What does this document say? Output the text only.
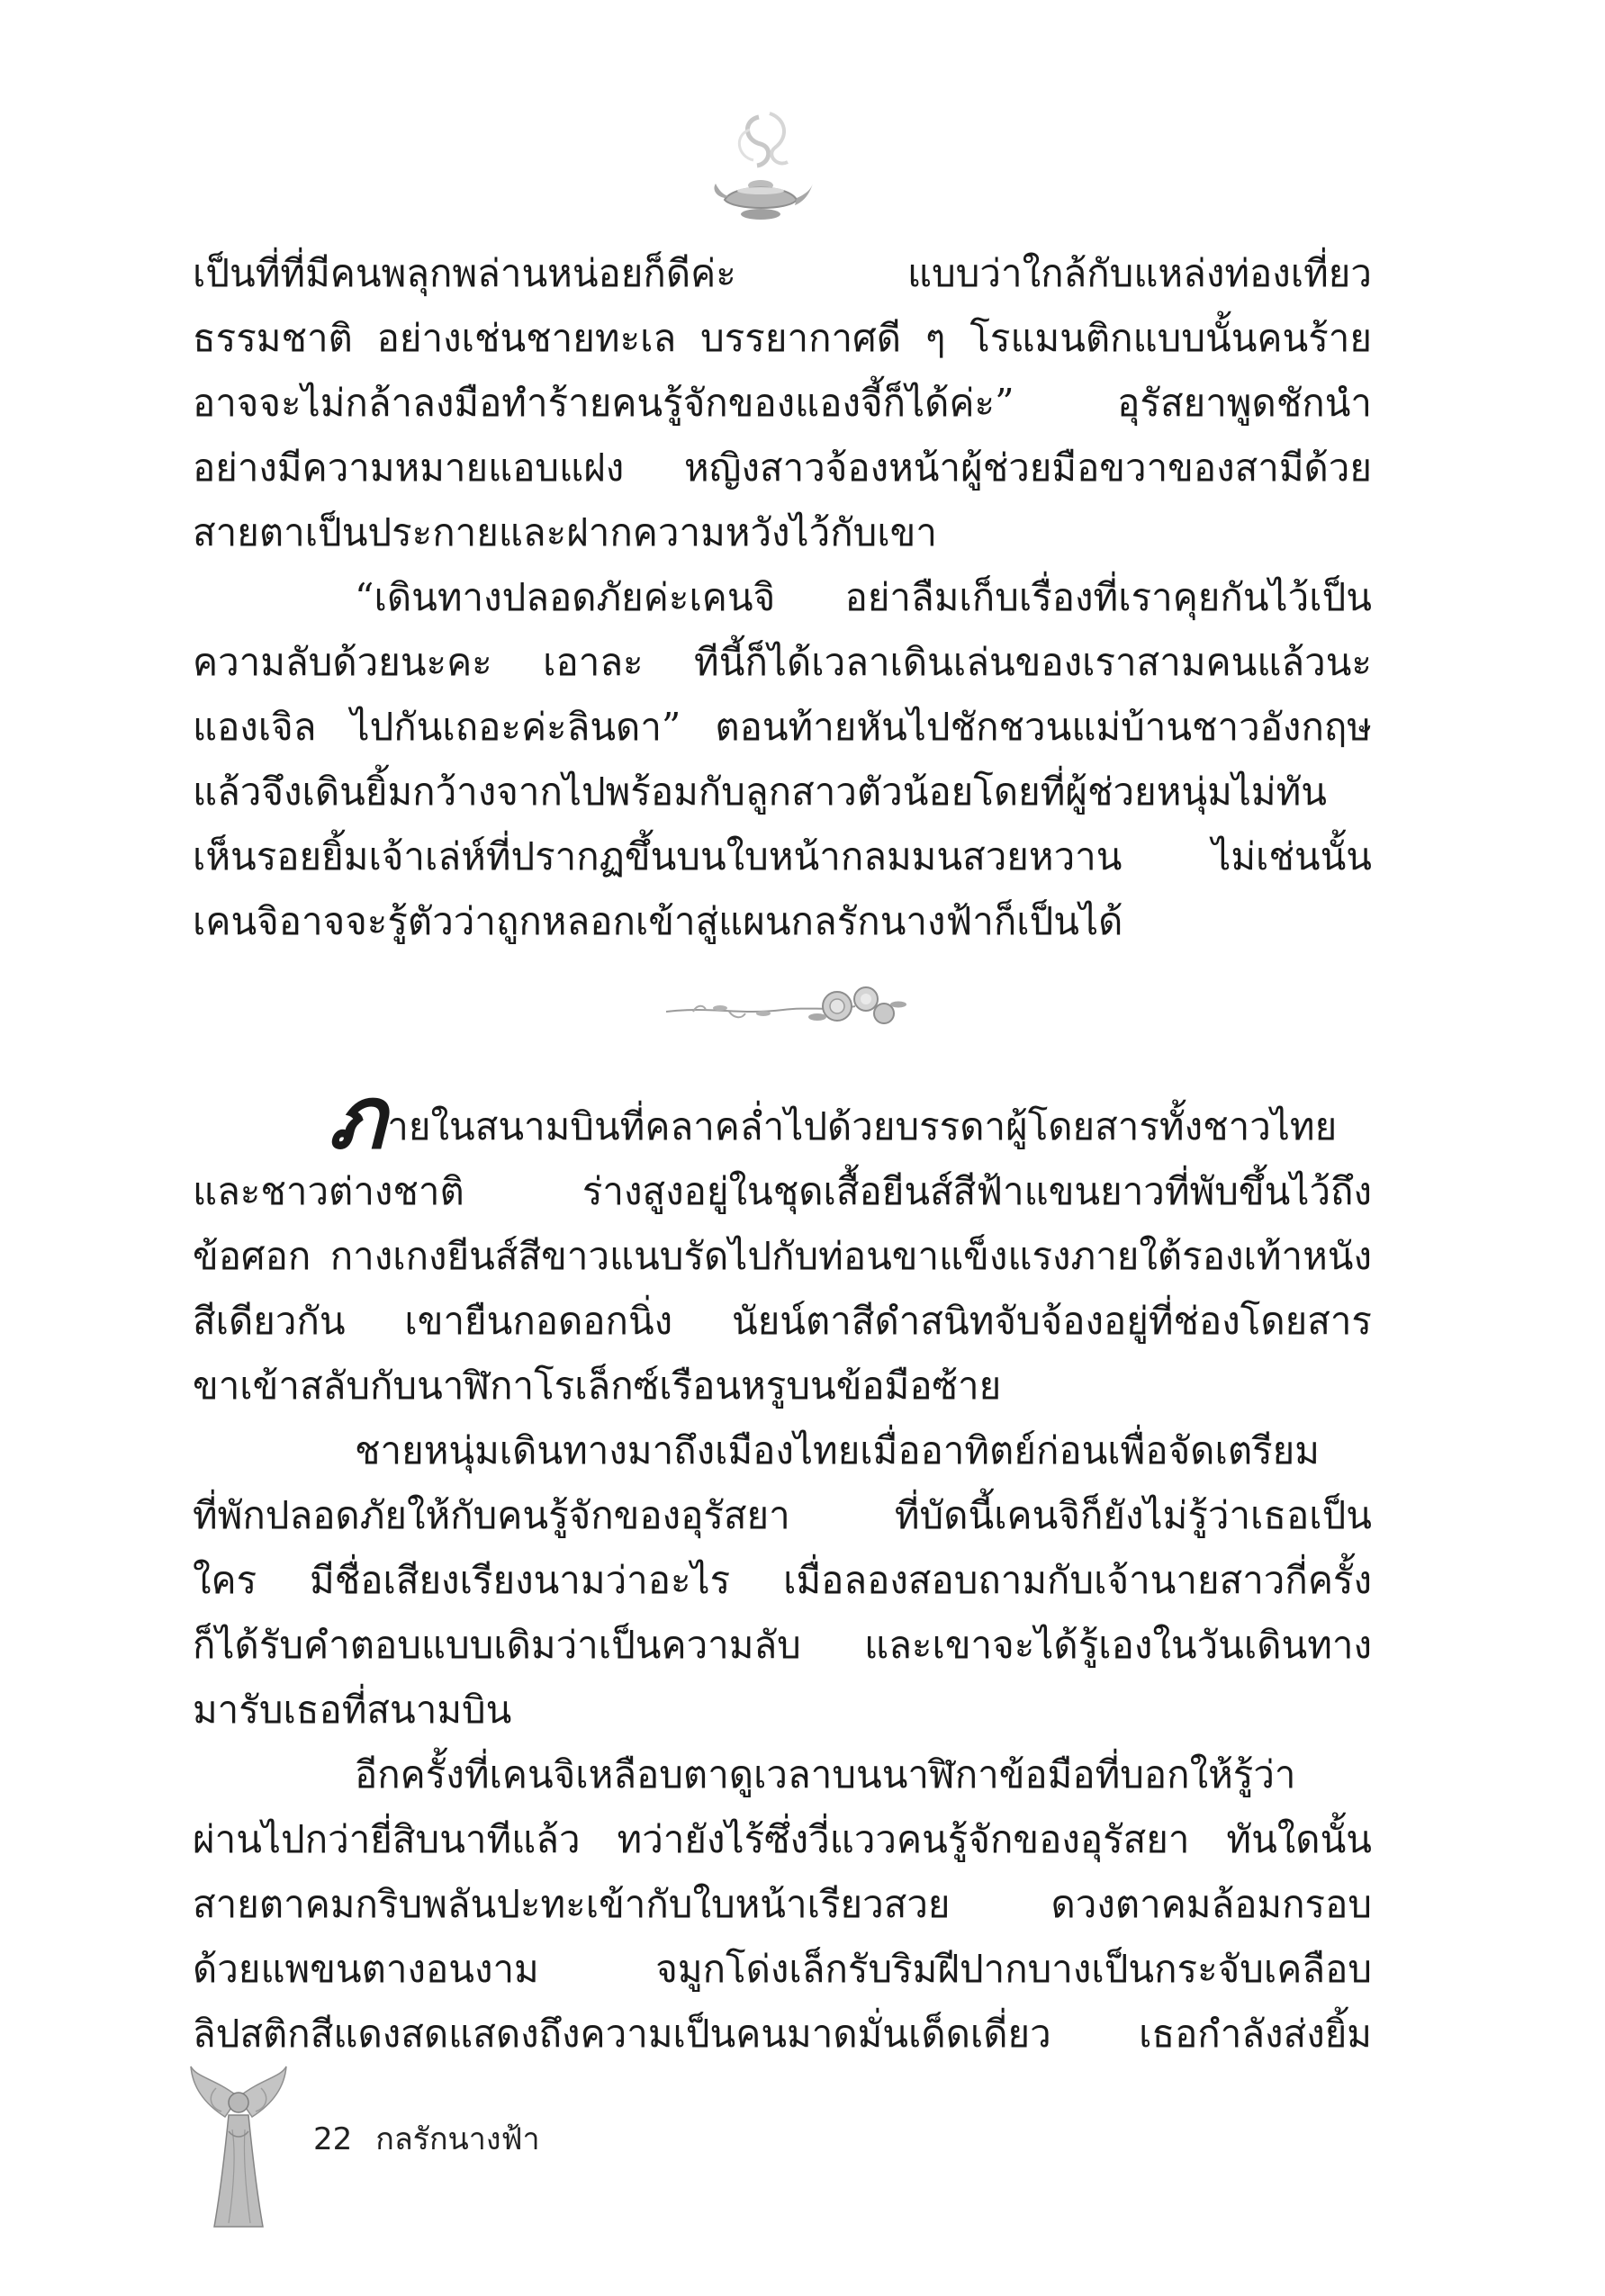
เป็นที่ที่มีคนพลุกพล่านหน่อยก็ดีค่ะ แบบว่าใกล้กับแหล่งท่องเที่ยว
ธรรมชาติ อย่างเช่นชายทะเล บรรยากาศดี ๆ โรแมนติกแบบนั้นคนร้าย
อาจจะไม่กล้าลงมือทำร้ายคนรู้จักของแองจี้ก็ได้ค่ะ” อุรัสยาพูดชักนำ
อย่างมีความหมายแอบแฝง หญิงสาวจ้องหน้าผู้ช่วยมือขวาของสามีด้วย
สายตาเป็นประกายและฝากความหวังไว้กับเขา
“เดินทางปลอดภัยค่ะเคนจิ อย่าลืมเก็บเรื่องที่เราคุยกันไว้เป็น
ความลับด้วยนะคะ เอาละ ทีนี้ก็ได้เวลาเดินเล่นของเราสามคนแล้วนะ
แองเจิล ไปกันเถอะค่ะลินดา” ตอนท้ายหันไปชักชวนแม่บ้านชาวอังกฤษ
แล้วจึงเดินยิ้มกว้างจากไปพร้อมกับลูกสาวตัวน้อยโดยที่ผู้ช่วยหนุ่มไม่ทัน
เห็นรอยยิ้มเจ้าเล่ห์ที่ปรากฏขึ้นบนใบหน้ากลมมนสวยหวาน ไม่เช่นนั้น
เคนจิอาจจะรู้ตัวว่าถูกหลอกเข้าสู่แผนกลรักนางฟ้าก็เป็นได้
ภ ายในสนามบินที่คลาคล่ำไปด้วยบรรดาผู้โดยสารทั้งชาวไทย
และชาวต่างชาติ ร่างสูงอยู่ในชุดเสื้อยีนส์สีฟ้าแขนยาวที่พับขึ้นไว้ถึง
ข้อศอก กางเกงยีนส์สีขาวแนบรัดไปกับท่อนขาแข็งแรงภายใต้รองเท้าหนัง
สีเดียวกัน เขายืนกอดอกนิ่ง นัยน์ตาสีดำสนิทจับจ้องอยู่ที่ช่องโดยสาร
ขาเข้าสลับกับนาฬิกาโรเล็กซ์เรือนหรูบนข้อมือซ้าย
ชายหนุ่มเดินทางมาถึงเมืองไทยเมื่ออาทิตย์ก่อนเพื่อจัดเตรียม
ที่พักปลอดภัยให้กับคนรู้จักของอุรัสยา ที่บัดนี้เคนจิก็ยังไม่รู้ว่าเธอเป็น
ใคร มีชื่อเสียงเรียงนามว่าอะไร เมื่อลองสอบถามกับเจ้านายสาวกี่ครั้ง
ก็ได้รับคำตอบแบบเดิมว่าเป็นความลับ และเขาจะได้รู้เองในวันเดินทาง
มารับเธอที่สนามบิน
อีกครั้งที่เคนจิเหลือบตาดูเวลาบนนาฬิกาข้อมือที่บอกให้รู้ว่า
ผ่านไปกว่ายี่สิบนาทีแล้ว ทว่ายังไร้ซึ่งวี่แววคนรู้จักของอุรัสยา ทันใดนั้น
สายตาคมกริบพลันปะทะเข้ากับใบหน้าเรียวสวย ดวงตาคมล้อมกรอบ
ด้วยแพขนตางอนงาม จมูกโด่งเล็กรับริมฝีปากบางเป็นกระจับเคลือบ
ลิปสติกสีแดงสดแสดงถึงความเป็นคนมาดมั่นเด็ดเดี่ยว เธอกำลังส่งยิ้ม
22 กลรักนางฟ้า
